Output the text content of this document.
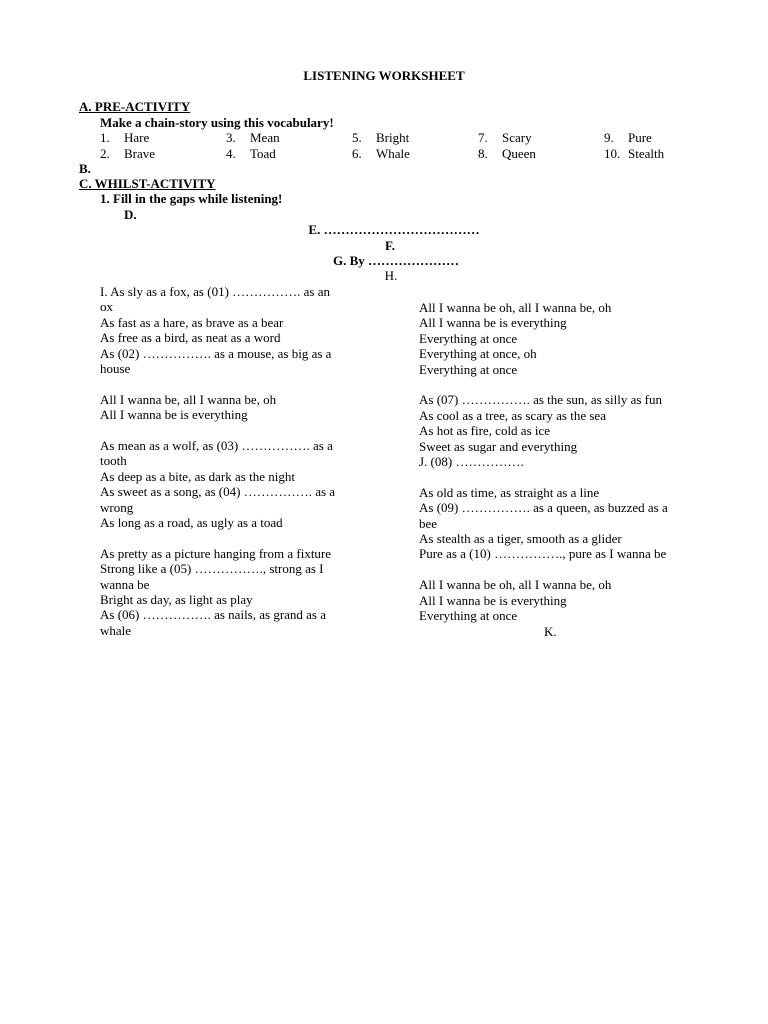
LISTENING WORKSHEET
A. PRE-ACTIVITY
Make a chain-story using this vocabulary!
1. Hare
2. Brave
3. Mean
4. Toad
5. Bright
6. Whale
7. Scary
8. Queen
9. Pure
10. Stealth
B.
C. WHILST-ACTIVITY
1. Fill in the gaps while listening!
D.
E. ………………………………
F.
G. By …………………
H.
I. As sly as a fox, as (01) ……………. as an
ox
As fast as a hare, as brave as a bear
As free as a bird, as neat as a word
As (02) ……………. as a mouse, as big as a
house
All I wanna be, all I wanna be, oh
All I wanna be is everything
As mean as a wolf, as (03) ……………. as a
tooth
As deep as a bite, as dark as the night
As sweet as a song, as (04) ……………. as a
wrong
As long as a road, as ugly as a toad
As pretty as a picture hanging from a fixture
Strong like a (05) ……………., strong as I
wanna be
Bright as day, as light as play
As (06) ……………. as nails, as grand as a
whale
All I wanna be oh, all I wanna be, oh
All I wanna be is everything
Everything at once
Everything at once, oh
Everything at once
As (07) ……………. as the sun, as silly as fun
As cool as a tree, as scary as the sea
As hot as fire, cold as ice
Sweet as sugar and everything
J. (08) …………….
As old as time, as straight as a line
As (09) ……………. as a queen, as buzzed as a
bee
As stealth as a tiger, smooth as a glider
Pure as a (10) ……………., pure as I wanna be
All I wanna be oh, all I wanna be, oh
All I wanna be is everything
Everything at once
K.
